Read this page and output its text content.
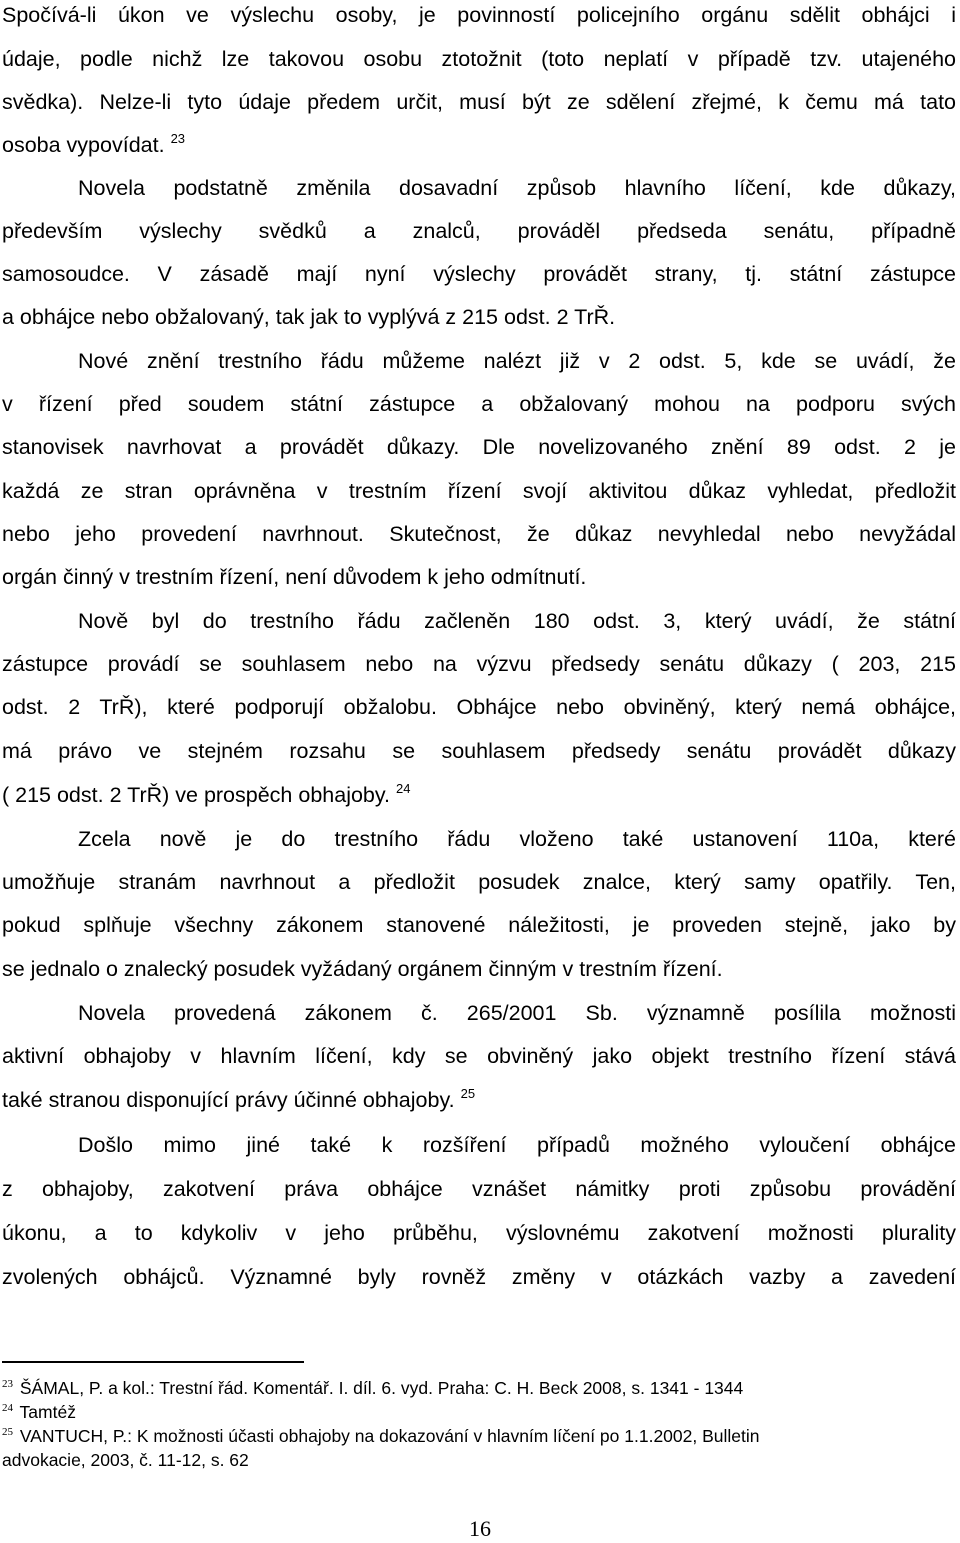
Spočívá-li úkon ve výslechu osoby, je povinností policejního orgánu sdělit obhájci i
údaje, podle nichž lze takovou osobu ztotožnit (toto neplatí v případě tzv. utajeného
svědka). Nelze-li tyto údaje předem určit, musí být ze sdělení zřejmé, k čemu má tato
osoba vypovídat. $^{23}$
Novela podstatně změnila dosavadní způsob hlavního líčení, kde důkazy,
především výslechy svědků a znalců, prováděl předseda senátu, případně
samosoudce. V zásadě mají nyní výslechy provádět strany, tj. státní zástupce
a obhájce nebo obžalovaný, tak jak to vyplývá z 215 odst. 2 TrŘ.
Nové znění trestního řádu můžeme nalézt již v 2 odst. 5, kde se uvádí, že
v řízení před soudem státní zástupce a obžalovaný mohou na podporu svých
stanovisek navrhovat a provádět důkazy. Dle novelizovaného znění 89 odst. 2 je
každá ze stran oprávněna v trestním řízení svojí aktivitou důkaz vyhledat, předložit
nebo jeho provedení navrhnout. Skutečnost, že důkaz nevyhledal nebo nevyžádal
orgán činný v trestním řízení, není důvodem k jeho odmítnutí.
Nově byl do trestního řádu začleněn 180 odst. 3, který uvádí, že státní
zástupce provádí se souhlasem nebo na výzvu předsedy senátu důkazy ( 203, 215
odst. 2 TrŘ), které podporují obžalobu. Obhájce nebo obviněný, který nemá obhájce,
má právo ve stejném rozsahu se souhlasem předsedy senátu provádět důkazy
( 215 odst. 2 TrŘ) ve prospěch obhajoby. $^{24}$
Zcela nově je do trestního řádu vloženo také ustanovení 110a, které
umožňuje stranám navrhnout a předložit posudek znalce, který samy opatřily. Ten,
pokud splňuje všechny zákonem stanovené náležitosti, je proveden stejně, jako by
se jednalo o znalecký posudek vyžádaný orgánem činným v trestním řízení.
Novela provedená zákonem č. 265/2001 Sb. významně posílila možnosti
aktivní obhajoby v hlavním líčení, kdy se obviněný jako objekt trestního řízení stává
také stranou disponující právy účinné obhajoby. $^{25}$
Došlo mimo jiné také k rozšíření případů možného vyloučení obhájce
z obhajoby, zakotvení práva obhájce vznášet námitky proti způsobu provádění
úkonu, a to kdykoliv v jeho průběhu, výslovnému zakotvení možnosti plurality
zvolených obhájců. Významné byly rovněž změny v otázkách vazby a zavedení
$^{23}$ ŠÁMAL, P. a kol.: Trestní řád. Komentář. I. díl. 6. vyd. Praha: C. H. Beck 2008, s. 1341 - 1344
$^{24}$ Tamtéž
$^{25}$ VANTUCH, P.: K možnosti účasti obhajoby na dokazování v hlavním líčení po 1.1.2002, Bulletin
advokacie, 2003, č. 11-12, s. 62
16
